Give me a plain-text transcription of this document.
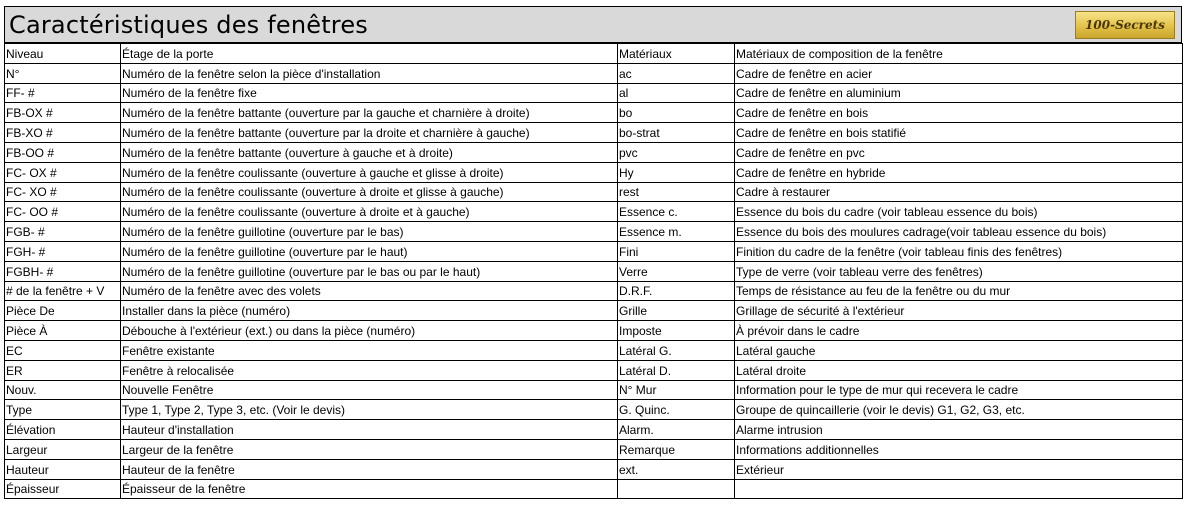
Caractéristiques des fenêtres	100-Secrets
Niveau	Étage de la porte	Matériaux	Matériaux de composition de la fenêtre
N°	Numéro de la fenêtre selon la pièce d'installation	ac	Cadre de fenêtre en acier
FF- #	Numéro de la fenêtre fixe	al	Cadre de fenêtre en aluminium
FB-OX #	Numéro de la fenêtre battante (ouverture par la gauche et charnière à droite)	bo	Cadre de fenêtre en bois
FB-XO #	Numéro de la fenêtre battante (ouverture par la droite et charnière à gauche)	bo-strat	Cadre de fenêtre en bois statifié
FB-OO #	Numéro de la fenêtre battante (ouverture à gauche et à droite)	pvc	Cadre de fenêtre en pvc
FC- OX #	Numéro de la fenêtre coulissante (ouverture à gauche et glisse à droite)	Hy	Cadre de fenêtre en hybride
FC- XO #	Numéro de la fenêtre coulissante (ouverture à droite et glisse à gauche)	rest	Cadre à restaurer
FC- OO #	Numéro de la fenêtre coulissante (ouverture à droite et à gauche)	Essence c.	Essence du bois du cadre (voir tableau essence du bois)
FGB- #	Numéro de la fenêtre guillotine (ouverture par le bas)	Essence m.	Essence du bois des moulures cadrage(voir tableau essence du bois)
FGH- #	Numéro de la fenêtre guillotine (ouverture par le haut)	Fini	Finition du cadre de la fenêtre (voir tableau finis des fenêtres)
FGBH- #	Numéro de la fenêtre guillotine (ouverture par le bas ou par le haut)	Verre	Type de verre (voir tableau verre des fenêtres)
# de la fenêtre + V	Numéro de la fenêtre avec des volets	D.R.F.	Temps de résistance au feu de la fenêtre ou du mur
Pièce De	Installer dans la pièce (numéro)	Grille	Grillage de sécurité à l'extérieur
Pièce À	Débouche à l'extérieur (ext.) ou dans la pièce (numéro)	Imposte	À prévoir dans le cadre
EC	Fenêtre existante	Latéral G.	Latéral gauche
ER	Fenêtre à relocalisée	Latéral D.	Latéral droite
Nouv.	Nouvelle Fenêtre	N° Mur	Information pour le type de mur qui recevera le cadre
Type	Type 1, Type 2, Type 3, etc. (Voir le devis)	G. Quinc.	Groupe de quincaillerie (voir le devis) G1, G2, G3, etc.
Élévation	Hauteur d'installation	Alarm.	Alarme intrusion
Largeur	Largeur de la fenêtre	Remarque	Informations additionnelles
Hauteur	Hauteur de la fenêtre	ext.	Extérieur
Épaisseur	Épaisseur de la fenêtre		
